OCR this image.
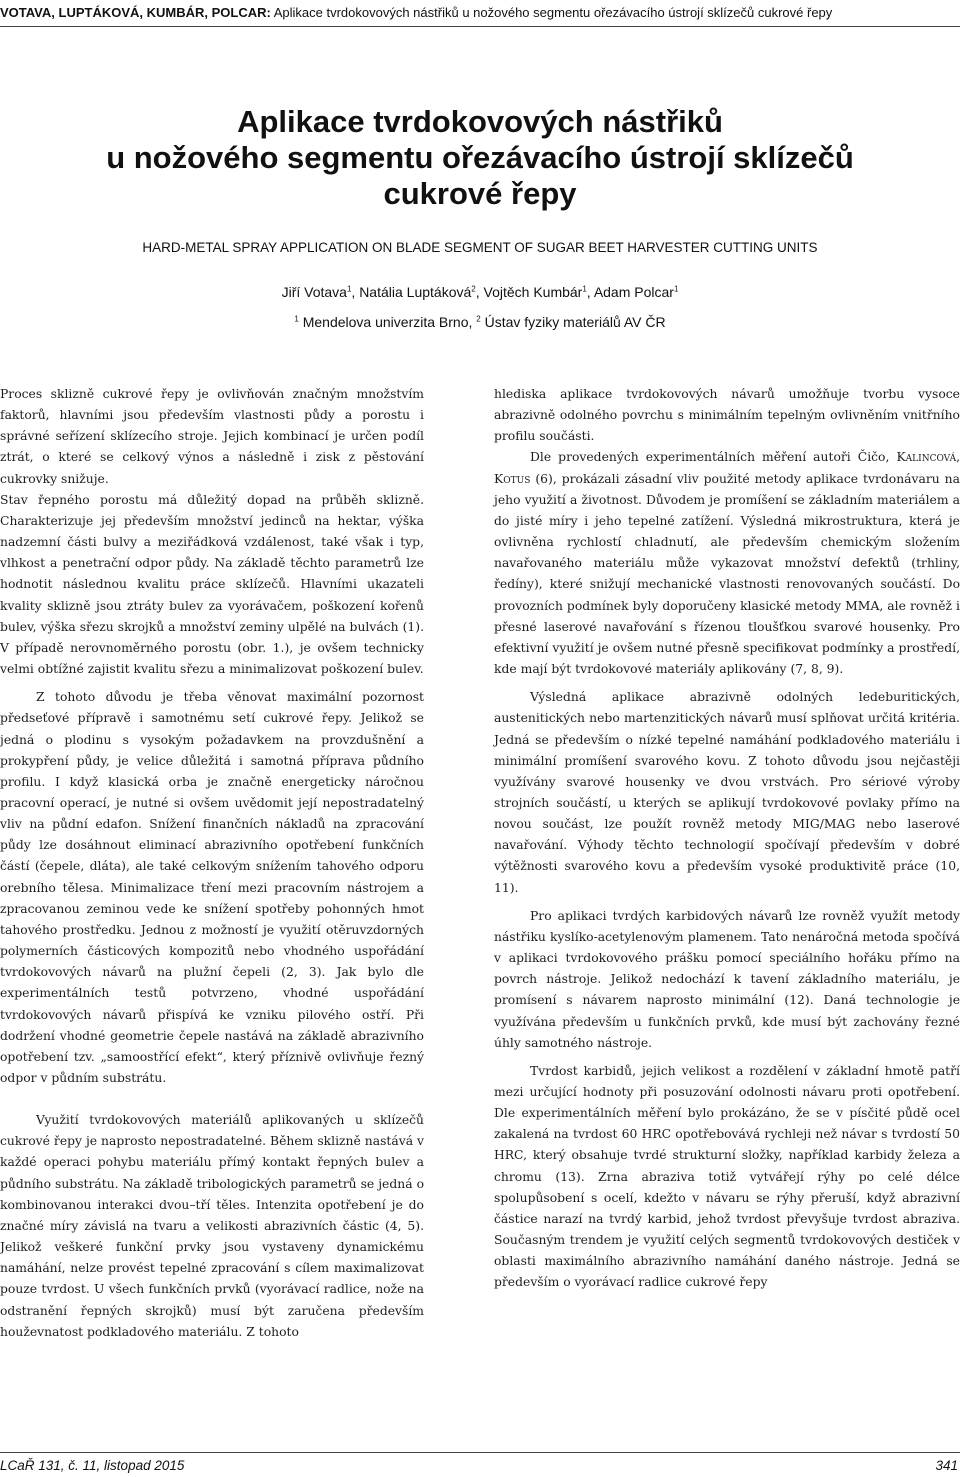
VOTAVA, LUPTÁKOVÁ, KUMBÁR, POLCAR: Aplikace tvrdokovových nástřiků u nožového segmentu ořezávacího ústrojí sklízečů cukrové řepy
Aplikace tvrdokovových nástřiků
u nožového segmentu ořezávacího ústrojí sklízečů
cukrové řepy
HARD-METAL SPRAY APPLICATION ON BLADE SEGMENT OF SUGAR BEET HARVESTER CUTTING UNITS
Jiří Votava$^1$, Natália Luptáková$^2$, Vojtěch Kumbár$^1$, Adam Polcar$^1$
$^1$ Mendelova univerzita Brno, $^2$ Ústav fyziky materiálů AV ČR

Proces sklizně cukrové řepy je ovlivňován značným množstvím faktorů, hlavními jsou především vlastnosti půdy a porostu i správné seřízení sklízecího stroje. Jejich kombinací je určen podíl ztrát, o které se celkový výnos a následně i zisk z pěstování cukrovky snižuje.

Stav řepného porostu má důležitý dopad na průběh sklizně. Charakterizuje jej především množství jedinců na hektar, výška nadzemní části bulvy a meziřádková vzdálenost, také však i typ, vlhkost a penetrační odpor půdy. Na základě těchto parametrů lze hodnotit následnou kvalitu práce sklízečů. Hlavními ukazateli kvality sklizně jsou ztráty bulev za vyorávačem, poškození kořenů bulev, výška sřezu skrojků a množství zeminy ulpělé na bulvách (1). V případě nerovnoměrného porostu (obr. 1.), je ovšem technicky velmi obtížné zajistit kvalitu sřezu a minimalizovat poškození bulev.

Z tohoto důvodu je třeba věnovat maximální pozornost předseťové přípravě i samotnému setí cukrové řepy. Jelikož se jedná o plodinu s vysokým požadavkem na provzdušnění a prokypření půdy, je velice důležitá i samotná příprava půdního profilu. I když klasická orba je značně energeticky náročnou pracovní operací, je nutné si ovšem uvědomit její nepostradatelný vliv na půdní edafon. Snížení finančních nákladů na zpracování půdy lze dosáhnout eliminací abrazivního opotřebení funkčních částí (čepele, dláta), ale také celkovým snížením tahového odporu orebního tělesa. Minimalizace tření mezi pracovním nástrojem a zpracovanou zeminou vede ke snížení spotřeby pohonných hmot tahového prostředku. Jednou z možností je využití otěruvzdorných polymerních částicových kompozitů nebo vhodného uspořádání tvrdokovových návarů na plužní čepeli (2, 3). Jak bylo dle experimentálních testů potvrzeno, vhodné uspořádání tvrdokovových návarů přispívá ke vzniku pilového ostří. Při dodržení vhodné geometrie čepele nastává na základě abrazivního opotřebení tzv. „samoostřící efekt“, který příznivě ovlivňuje řezný odpor v půdním substrátu.

Využití tvrdokovových materiálů aplikovaných u sklízečů cukrové řepy je naprosto nepostradatelné. Během sklizně nastává v každé operaci pohybu materiálu přímý kontakt řepných bulev a půdního substrátu. Na základě tribologických parametrů se jedná o kombinovanou interakci dvou–tří těles. Intenzita opotřebení je do značné míry závislá na tvaru a velikosti abrazivních částic (4, 5). Jelikož veškeré funkční prvky jsou vystaveny dynamickému namáhání, nelze provést tepelné zpracování s cílem maximalizovat pouze tvrdost. U všech funkčních prvků (vyorávací radlice, nože na odstranění řepných skrojků) musí být zaručena především houževnatost podkladového materiálu. Z tohoto

hlediska aplikace tvrdokovových návarů umožňuje tvorbu vysoce abrazivně odolného povrchu s minimálním tepelným ovlivněním vnitřního profilu součásti.

Dle provedených experimentálních měření autoři Čičo, Kalincová, Kotus (6), prokázali zásadní vliv použité metody aplikace tvrdonávaru na jeho využití a životnost. Důvodem je promíšení se základním materiálem a do jisté míry i jeho tepelné zatížení. Výsledná mikrostruktura, která je ovlivněna rychlostí chladnutí, ale především chemickým složením navařovaného materiálu může vykazovat množství defektů (trhliny, ředíny), které snižují mechanické vlastnosti renovovaných součástí. Do provozních podmínek byly doporučeny klasické metody MMA, ale rovněž i přesné laserové navařování s řízenou tloušťkou svarové housenky. Pro efektivní využití je ovšem nutné přesně specifikovat podmínky a prostředí, kde mají být tvrdokovové materiály aplikovány (7, 8, 9).

Výsledná aplikace abrazivně odolných ledeburitických, austenitických nebo martenzitických návarů musí splňovat určitá kritéria. Jedná se především o nízké tepelné namáhání podkladového materiálu i minimální promíšení svarového kovu. Z tohoto důvodu jsou nejčastěji využívány svarové housenky ve dvou vrstvách. Pro sériové výroby strojních součástí, u kterých se aplikují tvrdokovové povlaky přímo na novou součást, lze použít rovněž metody MIG/MAG nebo laserové navařování. Výhody těchto technologií spočívají především v dobré výtěžnosti svarového kovu a především vysoké produktivitě práce (10, 11).

Pro aplikaci tvrdých karbidových návarů lze rovněž využít metody nástřiku kyslíko-acetylenovým plamenem. Tato nenáročná metoda spočívá v aplikaci tvrdokovového prášku pomocí speciálního hořáku přímo na povrch nástroje. Jelikož nedochází k tavení základního materiálu, je promísení s návarem naprosto minimální (12). Daná technologie je využívána především u funkčních prvků, kde musí být zachovány řezné úhly samotného nástroje.

Tvrdost karbidů, jejich velikost a rozdělení v základní hmotě patří mezi určující hodnoty při posuzování odolnosti návaru proti opotřebení. Dle experimentálních měření bylo prokázáno, že se v písčité půdě ocel zakalená na tvrdost 60 HRC opotřebovává rychleji než návar s tvrdostí 50 HRC, který obsahuje tvrdé strukturní složky, například karbidy železa a chromu (13). Zrna abraziva totiž vytvářejí rýhy po celé délce spolupůsobení s ocelí, kdežto v návaru se rýhy přeruší, když abrazivní částice narazí na tvrdý karbid, jehož tvrdost převyšuje tvrdost abraziva. Současným trendem je využití celých segmentů tvrdokovových destiček v oblasti maximálního abrazivního namáhání daného nástroje. Jedná se především o vyorávací radlice cukrové řepy

LCaŘ 131, č. 11, listopad 2015	341
